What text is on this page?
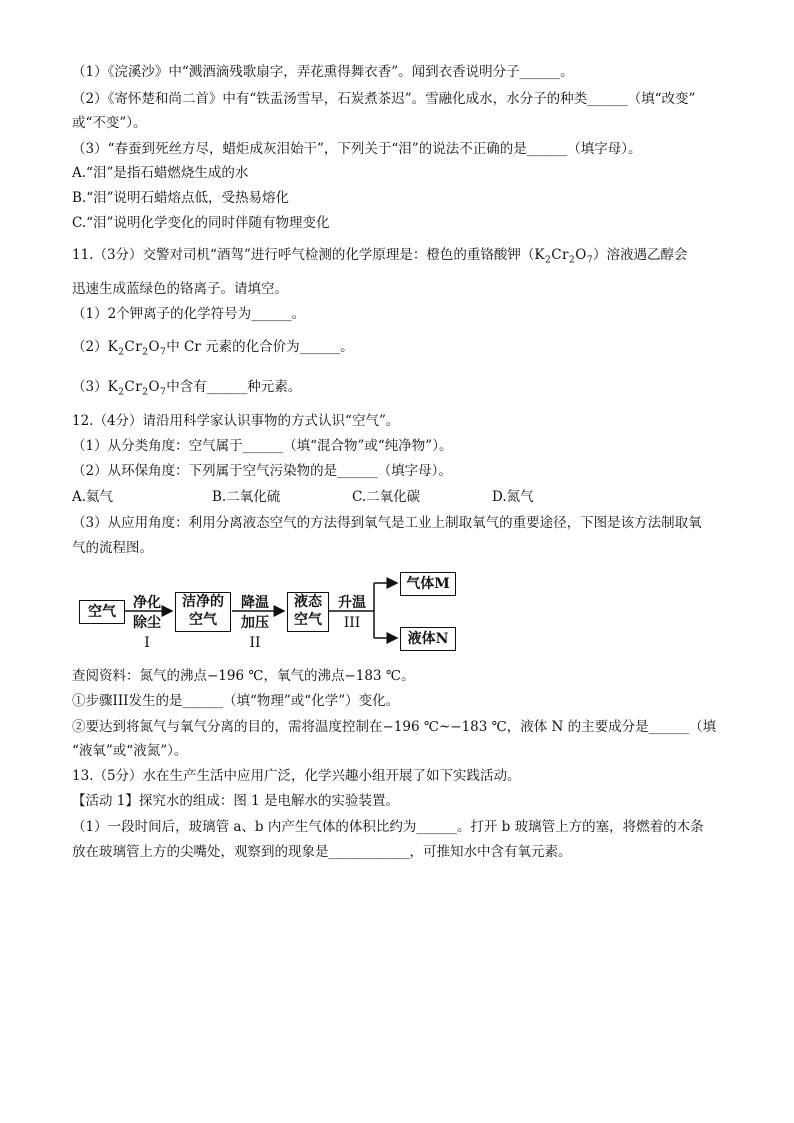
（1）《浣溪沙》中“溅酒滴残歌扇字，弄花熏得舞衣香”。闻到衣香说明分子______。
（2）《寄怀楚和尚二首》中有“铁盂汤雪早，石炭煮茶迟”。雪融化成水，水分子的种类______（填“改变”
或“不变”）。
（3）“春蚕到死丝方尽，蜡炬成灰泪始干”，下列关于“泪”的说法不正确的是______（填字母）。
A.“泪”是指石蜡燃烧生成的水
B.“泪”说明石蜡熔点低，受热易熔化
C.“泪”说明化学变化的同时伴随有物理变化
11.（3分）交警对司机“酒驾”进行呼气检测的化学原理是：橙色的重铬酸钾$(K_2Cr_2O_7)$溶液遇乙醇会
迅速生成蓝绿色的铬离子。请填空。
（1）2个钾离子的化学符号为______。
$(2)K_2Cr_2O_7$中 Cr 元素的化合价为______。
$(3)K_2Cr_2O_7$中含有______种元素。
12.（4分）请沿用科学家认识事物的方式认识“空气”。
（1）从分类角度：空气属于______（填“混合物”或“纯净物”）。
（2）从环保角度：下列属于空气污染物的是______（填字母）。
A.氦气	B.二氧化硫	C.二氧化碳	D.氮气
（3）从应用角度：利用分离液态空气的方法得到氧气是工业上制取氧气的重要途径，下图是该方法制取氧
气的流程图。
空气
净化
除尘
I
洁净的
空气
降温
加压
II
液态
空气
升温
III
气体M
液体N
查阅资料：氮气的沸点−196 ℃，氧气的沸点−183 ℃。
①步骤III发生的是______（填“物理”或“化学”）变化。
②要达到将氮气与氧气分离的目的，需将温度控制在−196 ℃~−183 ℃，液体 N 的主要成分是______（填
“液氧”或“液氮”）。
13.（5分）水在生产生活中应用广泛，化学兴趣小组开展了如下实践活动。
【活动 1】探究水的组成：图 1 是电解水的实验装置。
（1）一段时间后，玻璃管 a、b 内产生气体的体积比约为______。打开 b 玻璃管上方的塞，将燃着的木条
放在玻璃管上方的尖嘴处，观察到的现象是____________，可推知水中含有氧元素。
